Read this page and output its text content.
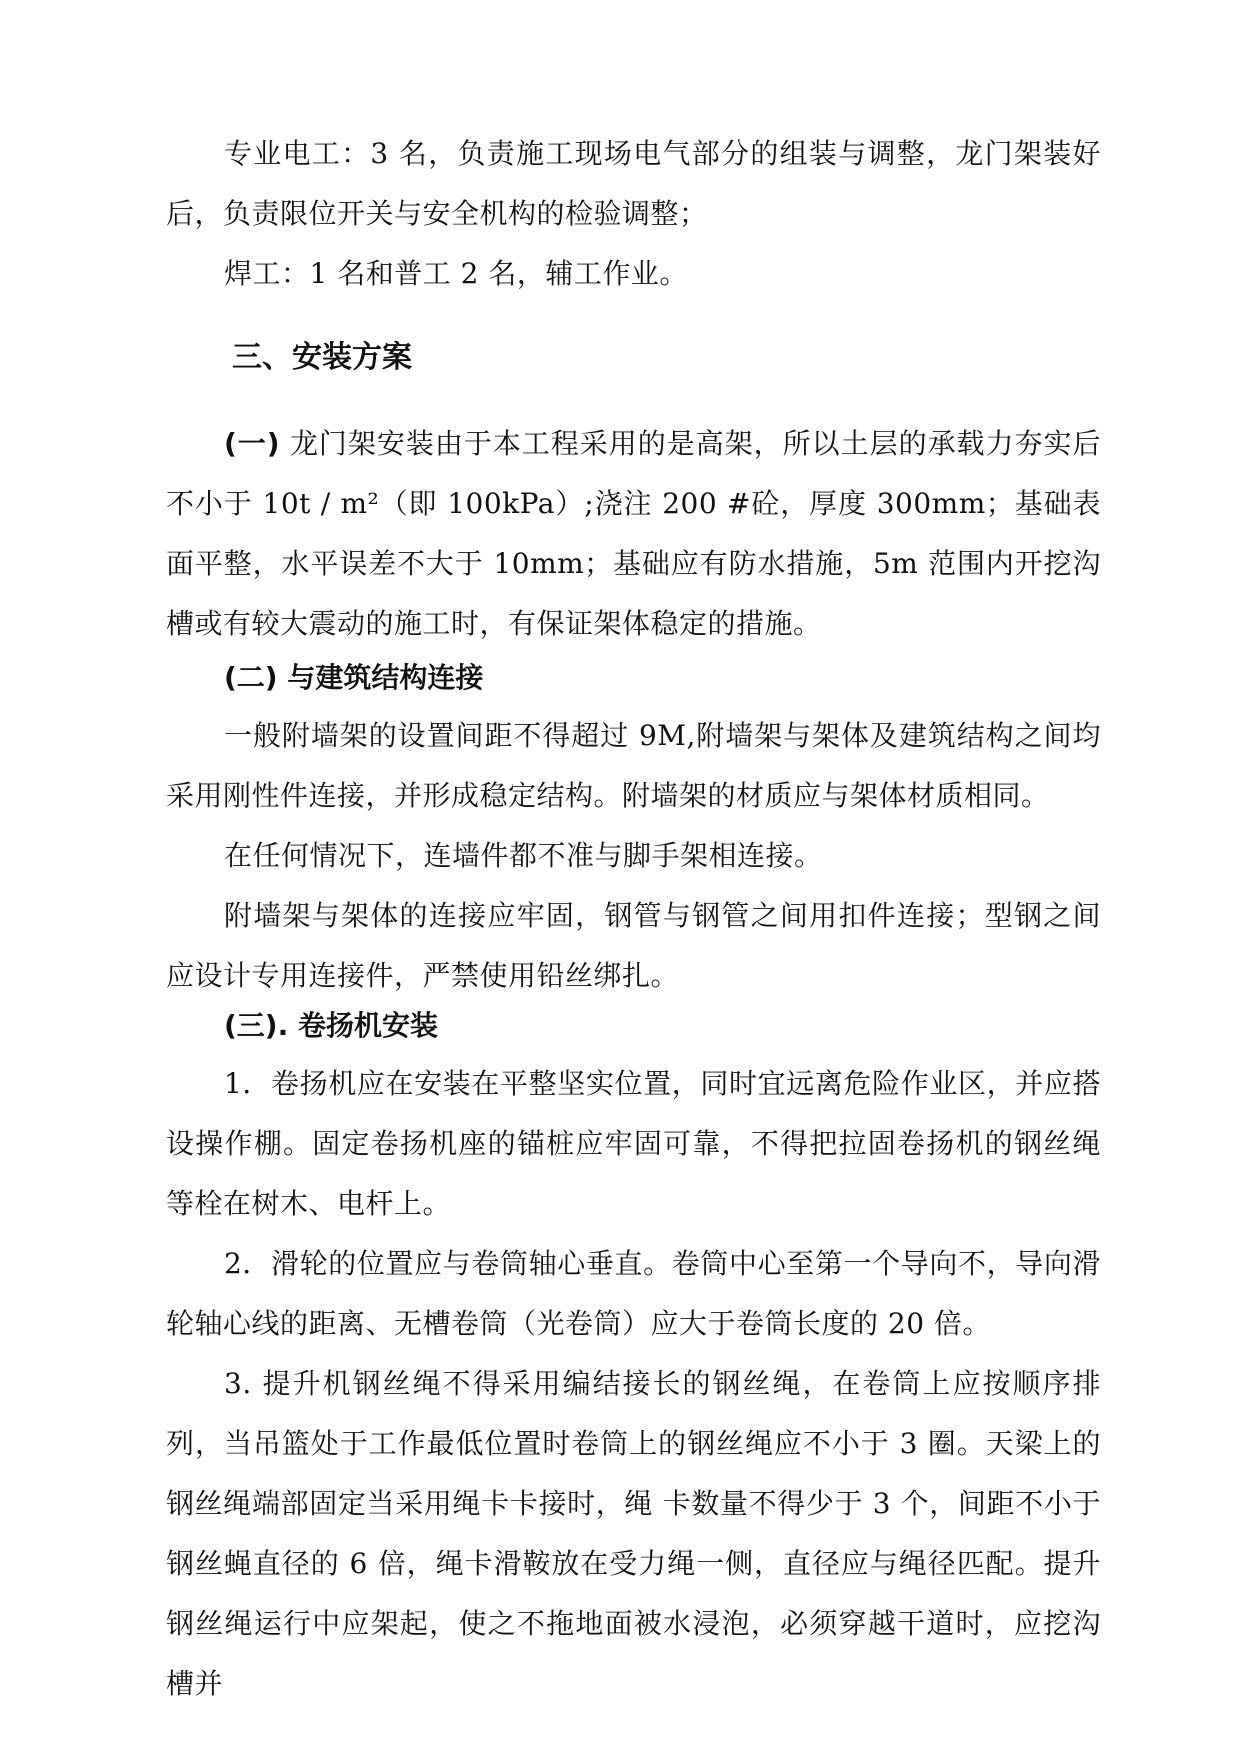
专业电工：3 名，负责施工现场电气部分的组装与调整，龙门架装好后，负责限位开关与安全机构的检验调整；

焊工：1 名和普工 2 名，辅工作业。

三、安装方案

(一) 龙门架安装由于本工程采用的是高架，所以土层的承载力夯实后不小于 10t / m²（即 100kPa）;浇注 200 #砼，厚度 300mm；基础表面平整，水平误差不大于 10mm；基础应有防水措施，5m 范围内开挖沟槽或有较大震动的施工时，有保证架体稳定的措施。

(二) 与建筑结构连接

一般附墙架的设置间距不得超过 9M,附墙架与架体及建筑结构之间均采用刚性件连接，并形成稳定结构。附墙架的材质应与架体材质相同。

在任何情况下，连墙件都不准与脚手架相连接。

附墙架与架体的连接应牢固，钢管与钢管之间用扣件连接；型钢之间应设计专用连接件，严禁使用铅丝绑扎。

(三). 卷扬机安装

1．卷扬机应在安装在平整坚实位置，同时宜远离危险作业区，并应搭设操作棚。固定卷扬机座的锚桩应牢固可靠，不得把拉固卷扬机的钢丝绳等栓在树木、电杆上。

2．滑轮的位置应与卷筒轴心垂直。卷筒中心至第一个导向不，导向滑轮轴心线的距离、无槽卷筒（光卷筒）应大于卷筒长度的 20 倍。

3. 提升机钢丝绳不得采用编结接长的钢丝绳，在卷筒上应按顺序排列，当吊篮处于工作最低位置时卷筒上的钢丝绳应不小于 3 圈。天梁上的钢丝绳端部固定当采用绳卡卡接时，绳 卡数量不得少于 3 个，间距不小于钢丝蝇直径的 6 倍，绳卡滑鞍放在受力绳一侧，直径应与绳径匹配。提升钢丝绳运行中应架起，使之不拖地面被水浸泡，必须穿越干道时，应挖沟槽并
